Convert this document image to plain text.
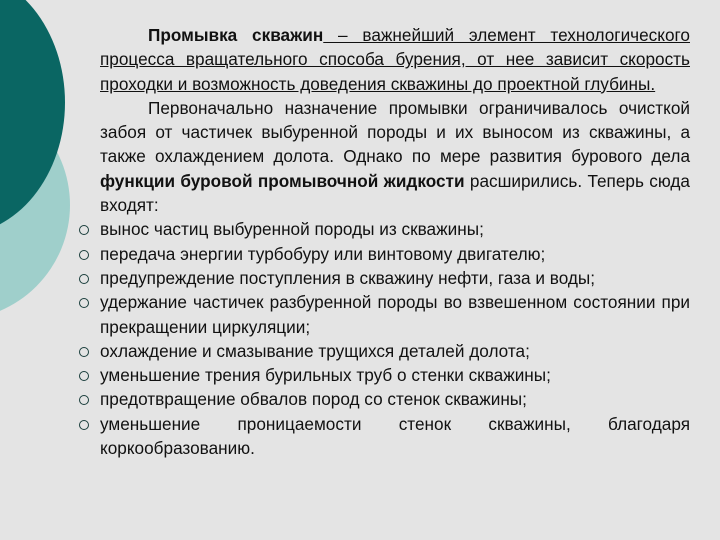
Промывка скважин – важнейший элемент технологического процесса вращательного способа бурения, от нее зависит скорость проходки и возможность доведения скважины до проектной глубины.

Первоначально назначение промывки ограничивалось очисткой забоя от частичек выбуренной породы и их выносом из скважины, а также охлаждением долота. Однако по мере развития бурового дела функции буровой промывочной жидкости расширились. Теперь сюда входят:

вынос частиц выбуренной породы из скважины;

передача энергии турбобуру или винтовому двигателю;

предупреждение поступления в скважину нефти, газа и воды;

удержание частичек разбуренной породы во взвешенном состоянии при прекращении циркуляции;

охлаждение и смазывание трущихся деталей долота;

уменьшение трения бурильных труб о стенки скважины;

предотвращение обвалов пород со стенок скважины;

уменьшение проницаемости стенок скважины, благодаря коркообразованию.
